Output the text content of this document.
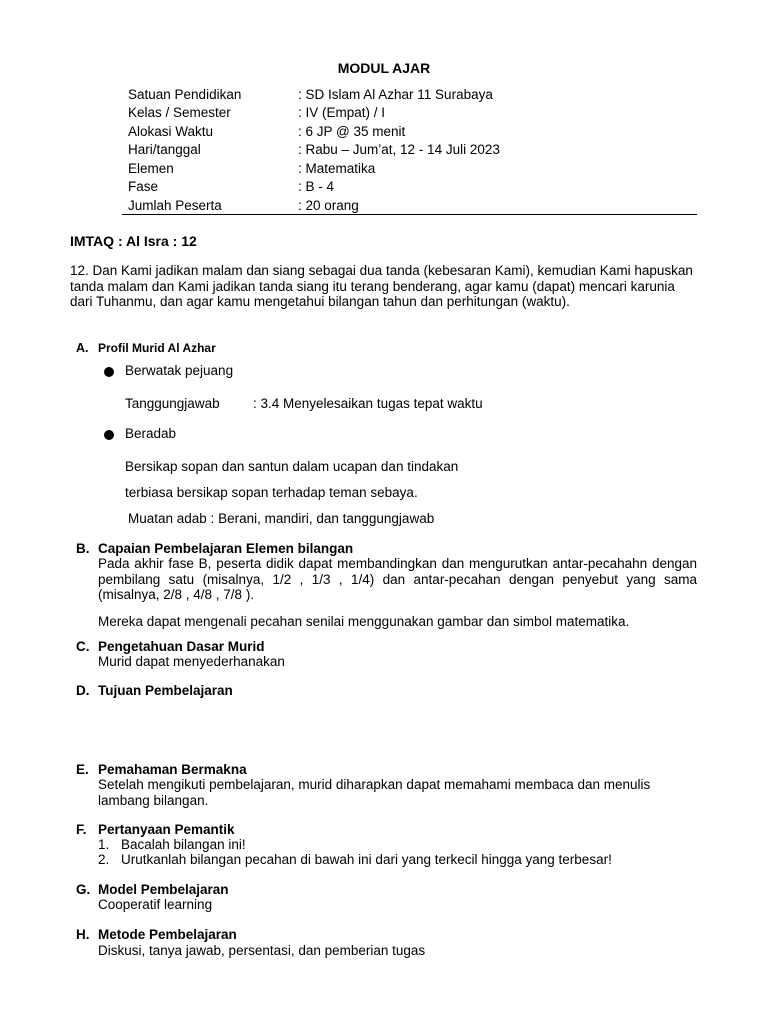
MODUL AJAR
Satuan Pendidikan	: SD Islam Al Azhar 11 Surabaya
Kelas / Semester	: IV (Empat) / I
Alokasi Waktu	: 6 JP @ 35 menit
Hari/tanggal	: Rabu – Jum’at, 12 - 14 Juli 2023
Elemen	: Matematika
Fase	: B - 4
Jumlah Peserta	: 20 orang
IMTAQ : Al Isra : 12
12. Dan Kami jadikan malam dan siang sebagai dua tanda (kebesaran Kami), kemudian Kami hapuskan tanda malam dan Kami jadikan tanda siang itu terang benderang, agar kamu (dapat) mencari karunia dari Tuhanmu, dan agar kamu mengetahui bilangan tahun dan perhitungan (waktu).
A. Profil Murid Al Azhar
Berwatak pejuang
Tanggungjawab : 3.4 Menyelesaikan tugas tepat waktu
Beradab
Bersikap sopan dan santun dalam ucapan dan tindakan
terbiasa bersikap sopan terhadap teman sebaya.
Muatan adab : Berani, mandiri, dan tanggungjawab
B. Capaian Pembelajaran Elemen bilangan
Pada akhir fase B, peserta didik dapat membandingkan dan mengurutkan antar-pecahahn dengan pembilang satu (misalnya, 1/2 , 1/3 , 1/4) dan antar-pecahan dengan penyebut yang sama (misalnya, 2/8 , 4/8 , 7/8 ).
Mereka dapat mengenali pecahan senilai menggunakan gambar dan simbol matematika.
C. Pengetahuan Dasar Murid
Murid dapat menyederhanakan
D. Tujuan Pembelajaran
E. Pemahaman Bermakna
Setelah mengikuti pembelajaran, murid diharapkan dapat memahami membaca dan menulis lambang bilangan.
F. Pertanyaan Pemantik
1. Bacalah bilangan ini!
2. Urutkanlah bilangan pecahan di bawah ini dari yang terkecil hingga yang terbesar!
G. Model Pembelajaran
Cooperatif learning
H. Metode Pembelajaran
Diskusi, tanya jawab, persentasi, dan pemberian tugas
